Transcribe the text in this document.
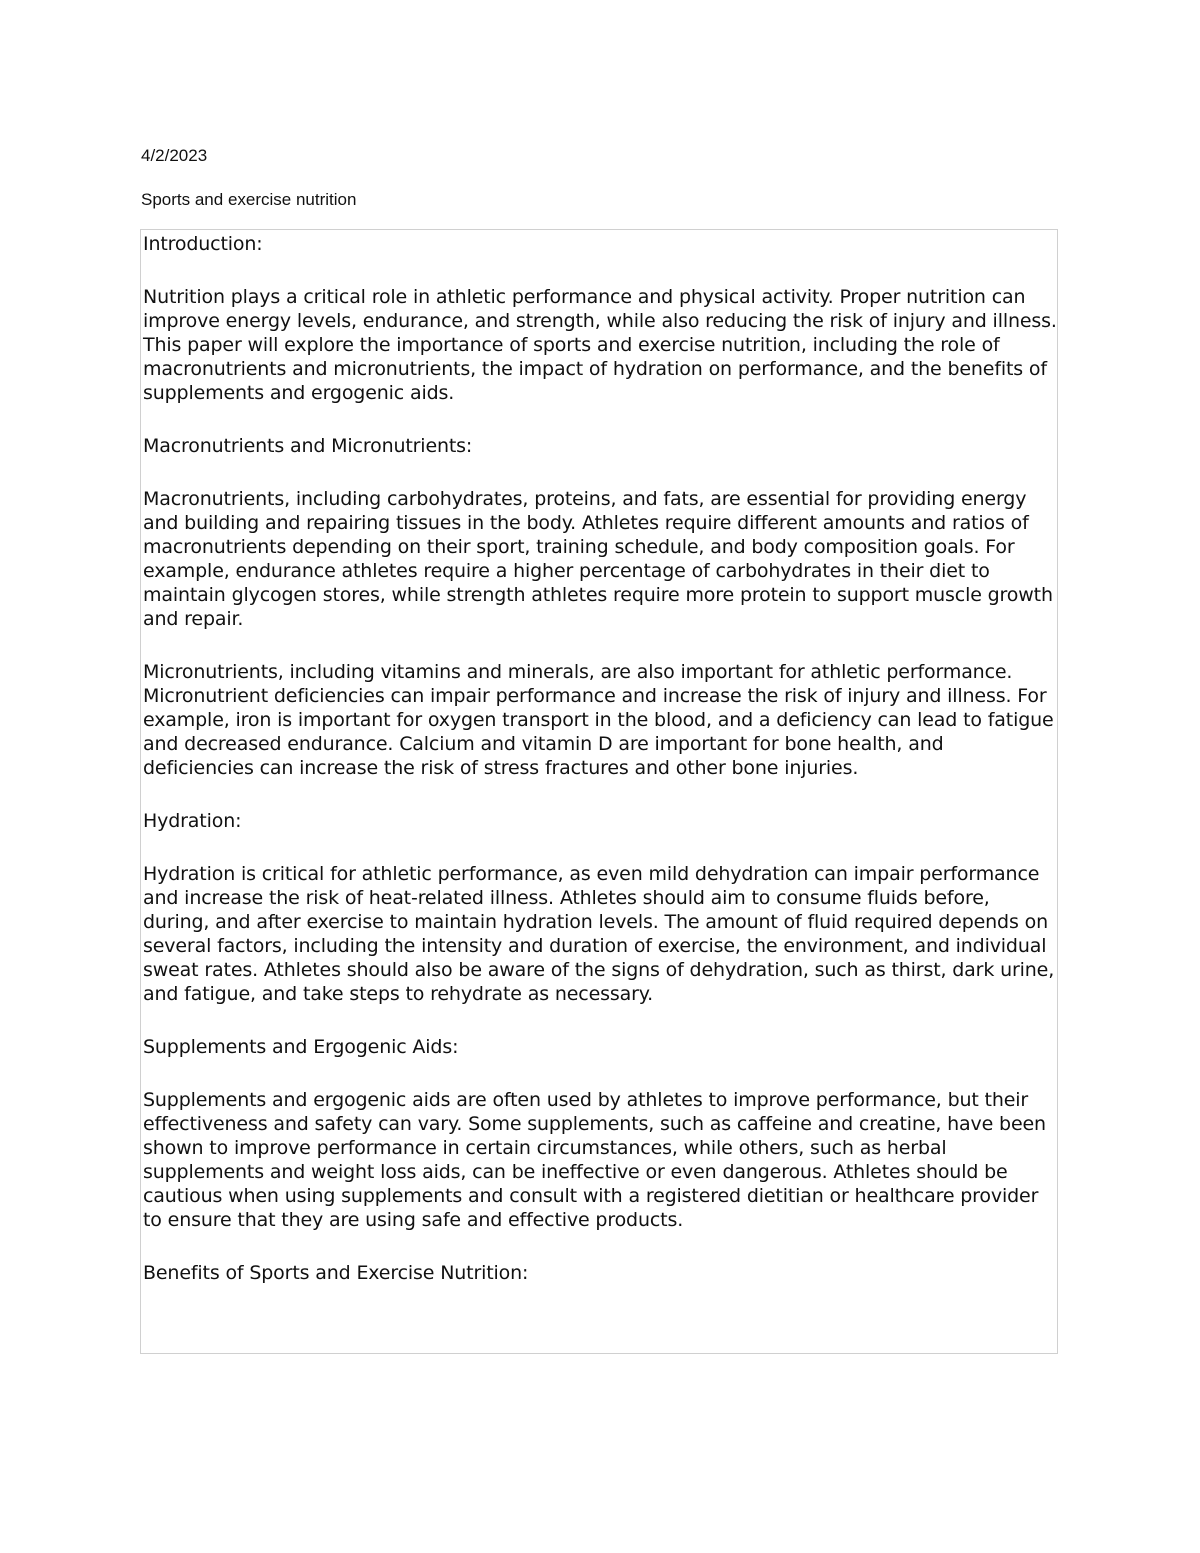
4/2/2023
Sports and exercise nutrition

Introduction:

Nutrition plays a critical role in athletic performance and physical activity. Proper nutrition can improve energy levels, endurance, and strength, while also reducing the risk of injury and illness. This paper will explore the importance of sports and exercise nutrition, including the role of macronutrients and micronutrients, the impact of hydration on performance, and the benefits of supplements and ergogenic aids.

Macronutrients and Micronutrients:

Macronutrients, including carbohydrates, proteins, and fats, are essential for providing energy and building and repairing tissues in the body. Athletes require different amounts and ratios of macronutrients depending on their sport, training schedule, and body composition goals. For example, endurance athletes require a higher percentage of carbohydrates in their diet to maintain glycogen stores, while strength athletes require more protein to support muscle growth and repair.

Micronutrients, including vitamins and minerals, are also important for athletic performance. Micronutrient deficiencies can impair performance and increase the risk of injury and illness. For example, iron is important for oxygen transport in the blood, and a deficiency can lead to fatigue and decreased endurance. Calcium and vitamin D are important for bone health, and deficiencies can increase the risk of stress fractures and other bone injuries.

Hydration:

Hydration is critical for athletic performance, as even mild dehydration can impair performance and increase the risk of heat-related illness. Athletes should aim to consume fluids before, during, and after exercise to maintain hydration levels. The amount of fluid required depends on several factors, including the intensity and duration of exercise, the environment, and individual sweat rates. Athletes should also be aware of the signs of dehydration, such as thirst, dark urine, and fatigue, and take steps to rehydrate as necessary.

Supplements and Ergogenic Aids:

Supplements and ergogenic aids are often used by athletes to improve performance, but their effectiveness and safety can vary. Some supplements, such as caffeine and creatine, have been shown to improve performance in certain circumstances, while others, such as herbal supplements and weight loss aids, can be ineffective or even dangerous. Athletes should be cautious when using supplements and consult with a registered dietitian or healthcare provider to ensure that they are using safe and effective products.

Benefits of Sports and Exercise Nutrition:
